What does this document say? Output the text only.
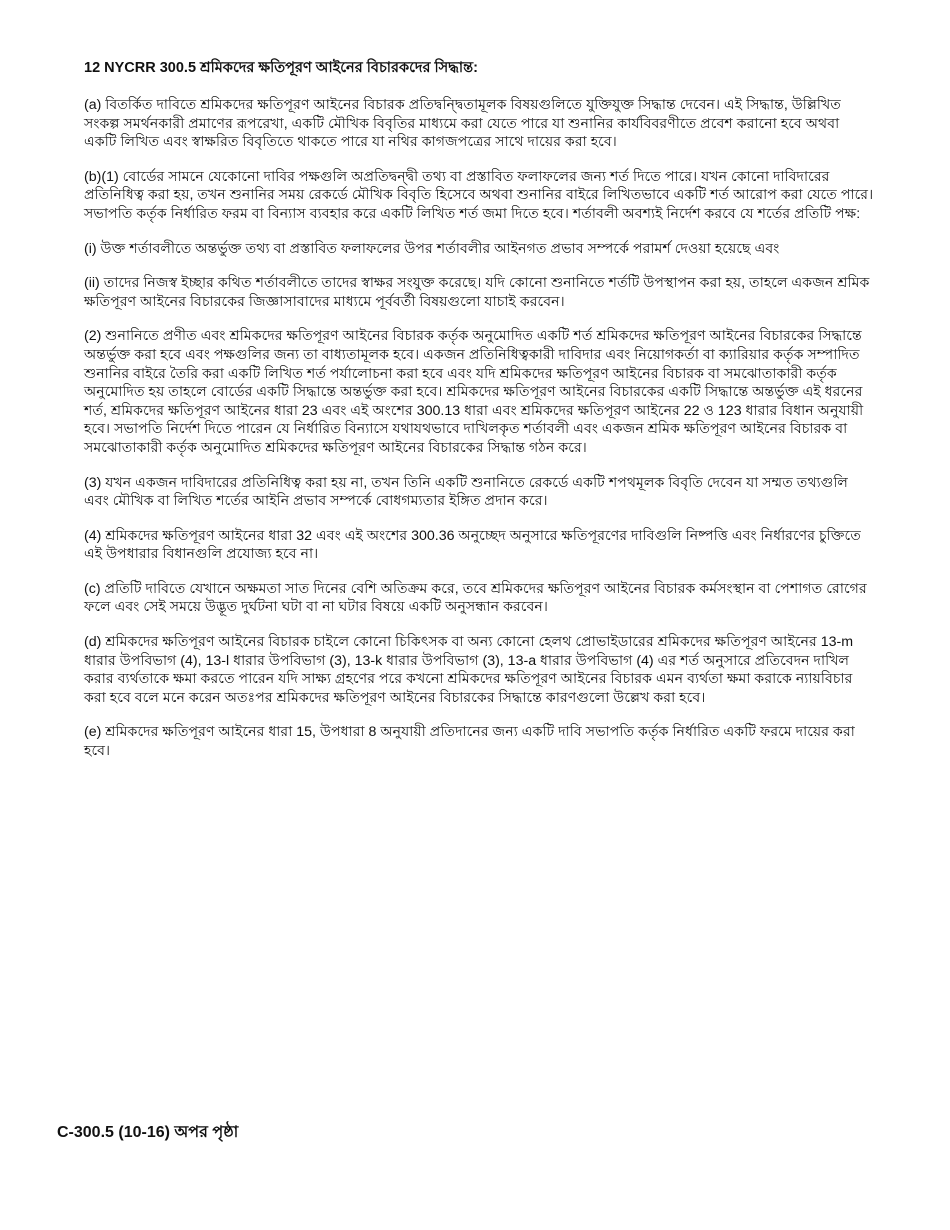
12 NYCRR 300.5 শ্রমিকদের ক্ষতিপূরণ আইনের বিচারকদের সিদ্ধান্ত:

(a) বিতর্কিত দাবিতে শ্রমিকদের ক্ষতিপূরণ আইনের বিচারক প্রতিদ্বন্দ্বিতামূলক বিষয়গুলিতে যুক্তিযুক্ত সিদ্ধান্ত দেবেন। এই সিদ্ধান্ত, উল্লিখিত সংকল্প সমর্থনকারী প্রমাণের রূপরেখা, একটি মৌখিক বিবৃতির মাধ্যমে করা যেতে পারে যা শুনানির কার্যবিবরণীতে প্রবেশ করানো হবে অথবা একটি লিখিত এবং স্বাক্ষরিত বিবৃতিতে থাকতে পারে যা নথির কাগজপত্রের সাথে দায়ের করা হবে।

(b)(1) বোর্ডের সামনে যেকোনো দাবির পক্ষগুলি অপ্রতিদ্বন্দ্বী তথ্য বা প্রস্তাবিত ফলাফলের জন্য শর্ত দিতে পারে। যখন কোনো দাবিদারের প্রতিনিধিত্ব করা হয়, তখন শুনানির সময় রেকর্ডে মৌখিক বিবৃতি হিসেবে অথবা শুনানির বাইরে লিখিতভাবে একটি শর্ত আরোপ করা যেতে পারে। সভাপতি কর্তৃক নির্ধারিত ফরম বা বিন্যাস ব্যবহার করে একটি লিখিত শর্ত জমা দিতে হবে। শর্তাবলী অবশ্যই নির্দেশ করবে যে শর্তের প্রতিটি পক্ষ:

(i) উক্ত শর্তাবলীতে অন্তর্ভুক্ত তথ্য বা প্রস্তাবিত ফলাফলের উপর শর্তাবলীর আইনগত প্রভাব সম্পর্কে পরামর্শ দেওয়া হয়েছে এবং

(ii) তাদের নিজস্ব ইচ্ছার কথিত শর্তাবলীতে তাদের স্বাক্ষর সংযুক্ত করেছে। যদি কোনো শুনানিতে শর্তটি উপস্থাপন করা হয়, তাহলে একজন শ্রমিক ক্ষতিপূরণ আইনের বিচারকের জিজ্ঞাসাবাদের মাধ্যমে পূর্ববর্তী বিষয়গুলো যাচাই করবেন।

(2) শুনানিতে প্রণীত এবং শ্রমিকদের ক্ষতিপূরণ আইনের বিচারক কর্তৃক অনুমোদিত একটি শর্ত শ্রমিকদের ক্ষতিপূরণ আইনের বিচারকের সিদ্ধান্তে অন্তর্ভুক্ত করা হবে এবং পক্ষগুলির জন্য তা বাধ্যতামূলক হবে। একজন প্রতিনিধিত্বকারী দাবিদার এবং নিয়োগকর্তা বা ক্যারিয়ার কর্তৃক সম্পাদিত শুনানির বাইরে তৈরি করা একটি লিখিত শর্ত পর্যালোচনা করা হবে এবং যদি শ্রমিকদের ক্ষতিপূরণ আইনের বিচারক বা সমঝোতাকারী কর্তৃক অনুমোদিত হয় তাহলে বোর্ডের একটি সিদ্ধান্তে অন্তর্ভুক্ত করা হবে। শ্রমিকদের ক্ষতিপূরণ আইনের বিচারকের একটি সিদ্ধান্তে অন্তর্ভুক্ত এই ধরনের শর্ত, শ্রমিকদের ক্ষতিপূরণ আইনের ধারা 23 এবং এই অংশের 300.13 ধারা এবং শ্রমিকদের ক্ষতিপূরণ আইনের 22 ও 123 ধারার বিধান অনুযায়ী হবে। সভাপতি নির্দেশ দিতে পারেন যে নির্ধারিত বিন্যাসে যথাযথভাবে দাখিলকৃত শর্তাবলী এবং একজন শ্রমিক ক্ষতিপূরণ আইনের বিচারক বা সমঝোতাকারী কর্তৃক অনুমোদিত শ্রমিকদের ক্ষতিপূরণ আইনের বিচারকের সিদ্ধান্ত গঠন করে।

(3) যখন একজন দাবিদারের প্রতিনিধিত্ব করা হয় না, তখন তিনি একটি শুনানিতে রেকর্ডে একটি শপথমূলক বিবৃতি দেবেন যা সম্মত তথ্যগুলি এবং মৌখিক বা লিখিত শর্তের আইনি প্রভাব সম্পর্কে বোধগম্যতার ইঙ্গিত প্রদান করে।

(4) শ্রমিকদের ক্ষতিপূরণ আইনের ধারা 32 এবং এই অংশের 300.36 অনুচ্ছেদ অনুসারে ক্ষতিপূরণের দাবিগুলি নিষ্পত্তি এবং নির্ধারণের চুক্তিতে এই উপধারার বিধানগুলি প্রযোজ্য হবে না।

(c) প্রতিটি দাবিতে যেখানে অক্ষমতা সাত দিনের বেশি অতিক্রম করে, তবে শ্রমিকদের ক্ষতিপূরণ আইনের বিচারক কর্মসংস্থান বা পেশাগত রোগের ফলে এবং সেই সময়ে উদ্ভূত দুর্ঘটনা ঘটা বা না ঘটার বিষয়ে একটি অনুসন্ধান করবেন।

(d) শ্রমিকদের ক্ষতিপূরণ আইনের বিচারক চাইলে কোনো চিকিৎসক বা অন্য কোনো হেলথ প্রোভাইডারের শ্রমিকদের ক্ষতিপূরণ আইনের 13-m ধারার উপবিভাগ (4), 13-l ধারার উপবিভাগ (3), 13-k ধারার উপবিভাগ (3), 13-a ধারার উপবিভাগ (4) এর শর্ত অনুসারে প্রতিবেদন দাখিল করার ব্যর্থতাকে ক্ষমা করতে পারেন যদি সাক্ষ্য গ্রহণের পরে কখনো শ্রমিকদের ক্ষতিপূরণ আইনের বিচারক এমন ব্যর্থতা ক্ষমা করাকে ন্যায়বিচার করা হবে বলে মনে করেন অতঃপর শ্রমিকদের ক্ষতিপূরণ আইনের বিচারকের সিদ্ধান্তে কারণগুলো উল্লেখ করা হবে।

(e) শ্রমিকদের ক্ষতিপূরণ আইনের ধারা 15, উপধারা 8 অনুযায়ী প্রতিদানের জন্য একটি দাবি সভাপতি কর্তৃক নির্ধারিত একটি ফরমে দায়ের করা হবে।

C-300.5 (10-16) অপর পৃষ্ঠা
